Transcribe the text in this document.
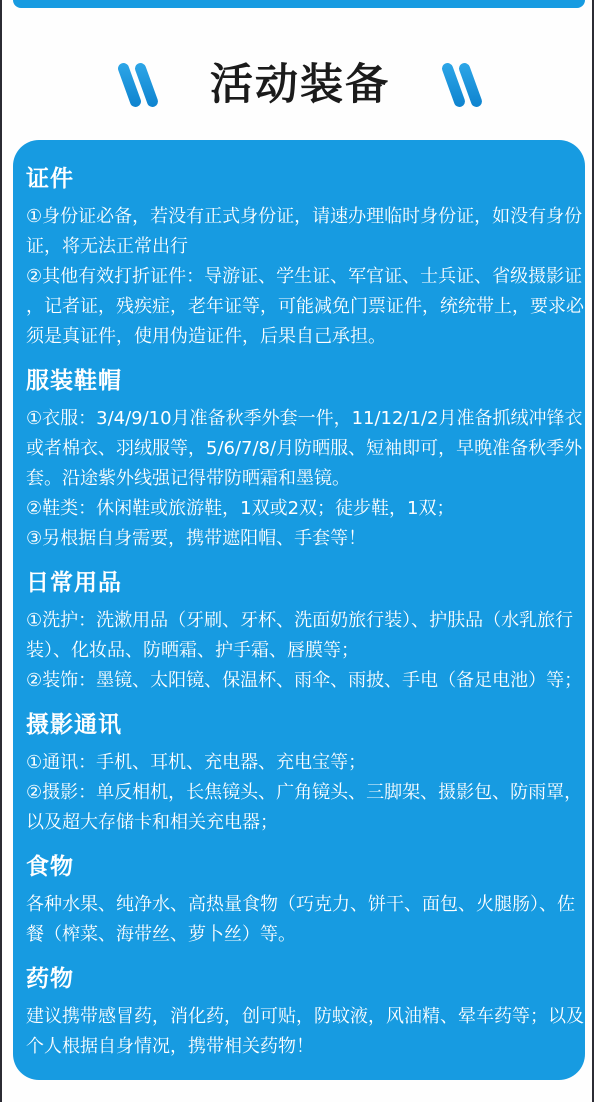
活动装备
证件

①身份证必备，若没有正式身份证，请速办理临时身份证，如没有身份证，将无法正常出行

②其他有效打折证件：导游证、学生证、军官证、士兵证、省级摄影证，记者证，残疾症，老年证等，可能减免门票证件，统统带上，要求必须是真证件，使用伪造证件，后果自己承担。

服装鞋帽

①衣服：3/4/9/10月准备秋季外套一件，11/12/1/2月准备抓绒冲锋衣或者棉衣、羽绒服等，5/6/7/8/月防晒服、短袖即可，早晚准备秋季外套。沿途紫外线强记得带防晒霜和墨镜。

②鞋类：休闲鞋或旅游鞋，1双或2双；徒步鞋，1双；

③另根据自身需要，携带遮阳帽、手套等！

日常用品

①洗护：洗漱用品（牙刷、牙杯、洗面奶旅行装）、护肤品（水乳旅行装）、化妆品、防晒霜、护手霜、唇膜等；

②装饰：墨镜、太阳镜、保温杯、雨伞、雨披、手电（备足电池）等；

摄影通讯

①通讯：手机、耳机、充电器、充电宝等；

②摄影：单反相机，长焦镜头、广角镜头、三脚架、摄影包、防雨罩，以及超大存储卡和相关充电器；

食物

各种水果、纯净水、高热量食物（巧克力、饼干、面包、火腿肠）、佐餐（榨菜、海带丝、萝卜丝）等。

药物

建议携带感冒药，消化药，创可贴，防蚊液，风油精、晕车药等；以及个人根据自身情况，携带相关药物！
